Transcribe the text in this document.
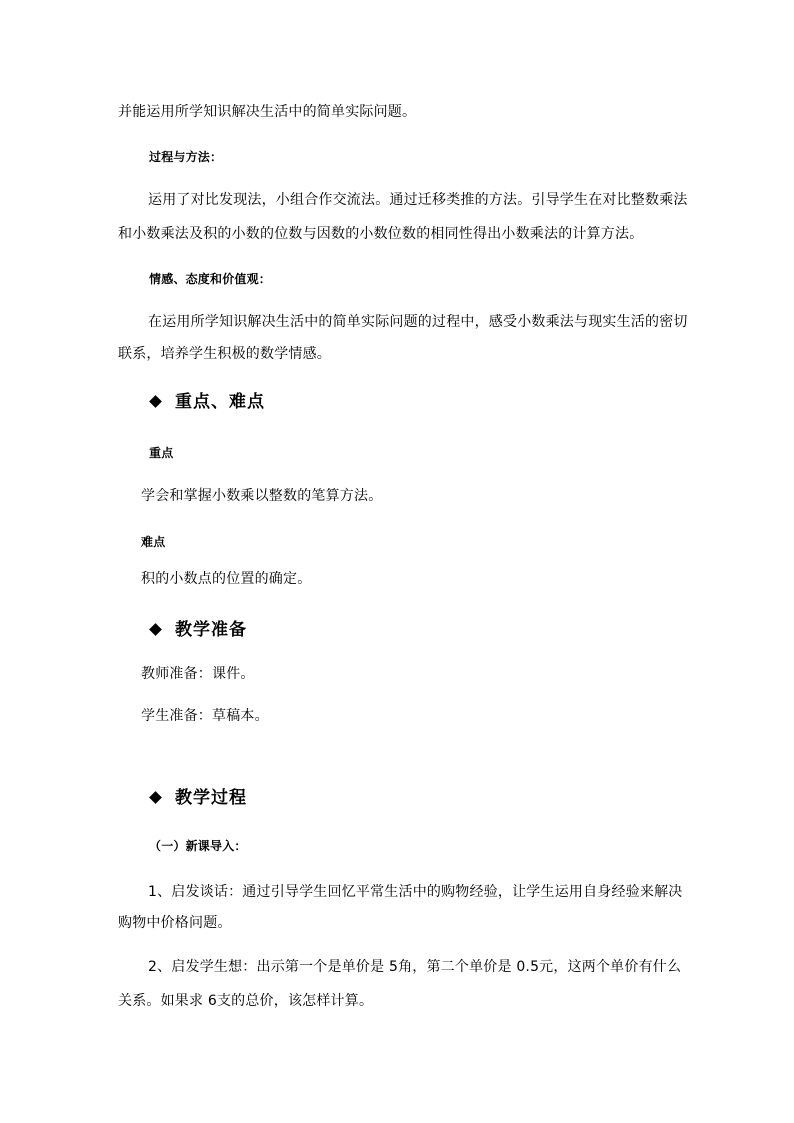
并能运用所学知识解决生活中的简单实际问题。
过程与方法：
运用了对比发现法，小组合作交流法。通过迁移类推的方法。引导学生在对比整数乘法
和小数乘法及积的小数的位数与因数的小数位数的相同性得出小数乘法的计算方法。
情感、态度和价值观：
在运用所学知识解决生活中的简单实际问题的过程中，感受小数乘法与现实生活的密切
联系，培养学生积极的数学情感。
重点、难点
重点
学会和掌握小数乘以整数的笔算方法。
难点
积的小数点的位置的确定。
教学准备
教师准备：课件。
学生准备：草稿本。
教学过程
（一）新课导入：
1、启发谈话：通过引导学生回忆平常生活中的购物经验，让学生运用自身经验来解决
购物中价格问题。
2、启发学生想：出示第一个是单价是 5角，第二个单价是 0.5元，这两个单价有什么
关系。如果求 6支的总价，该怎样计算。
